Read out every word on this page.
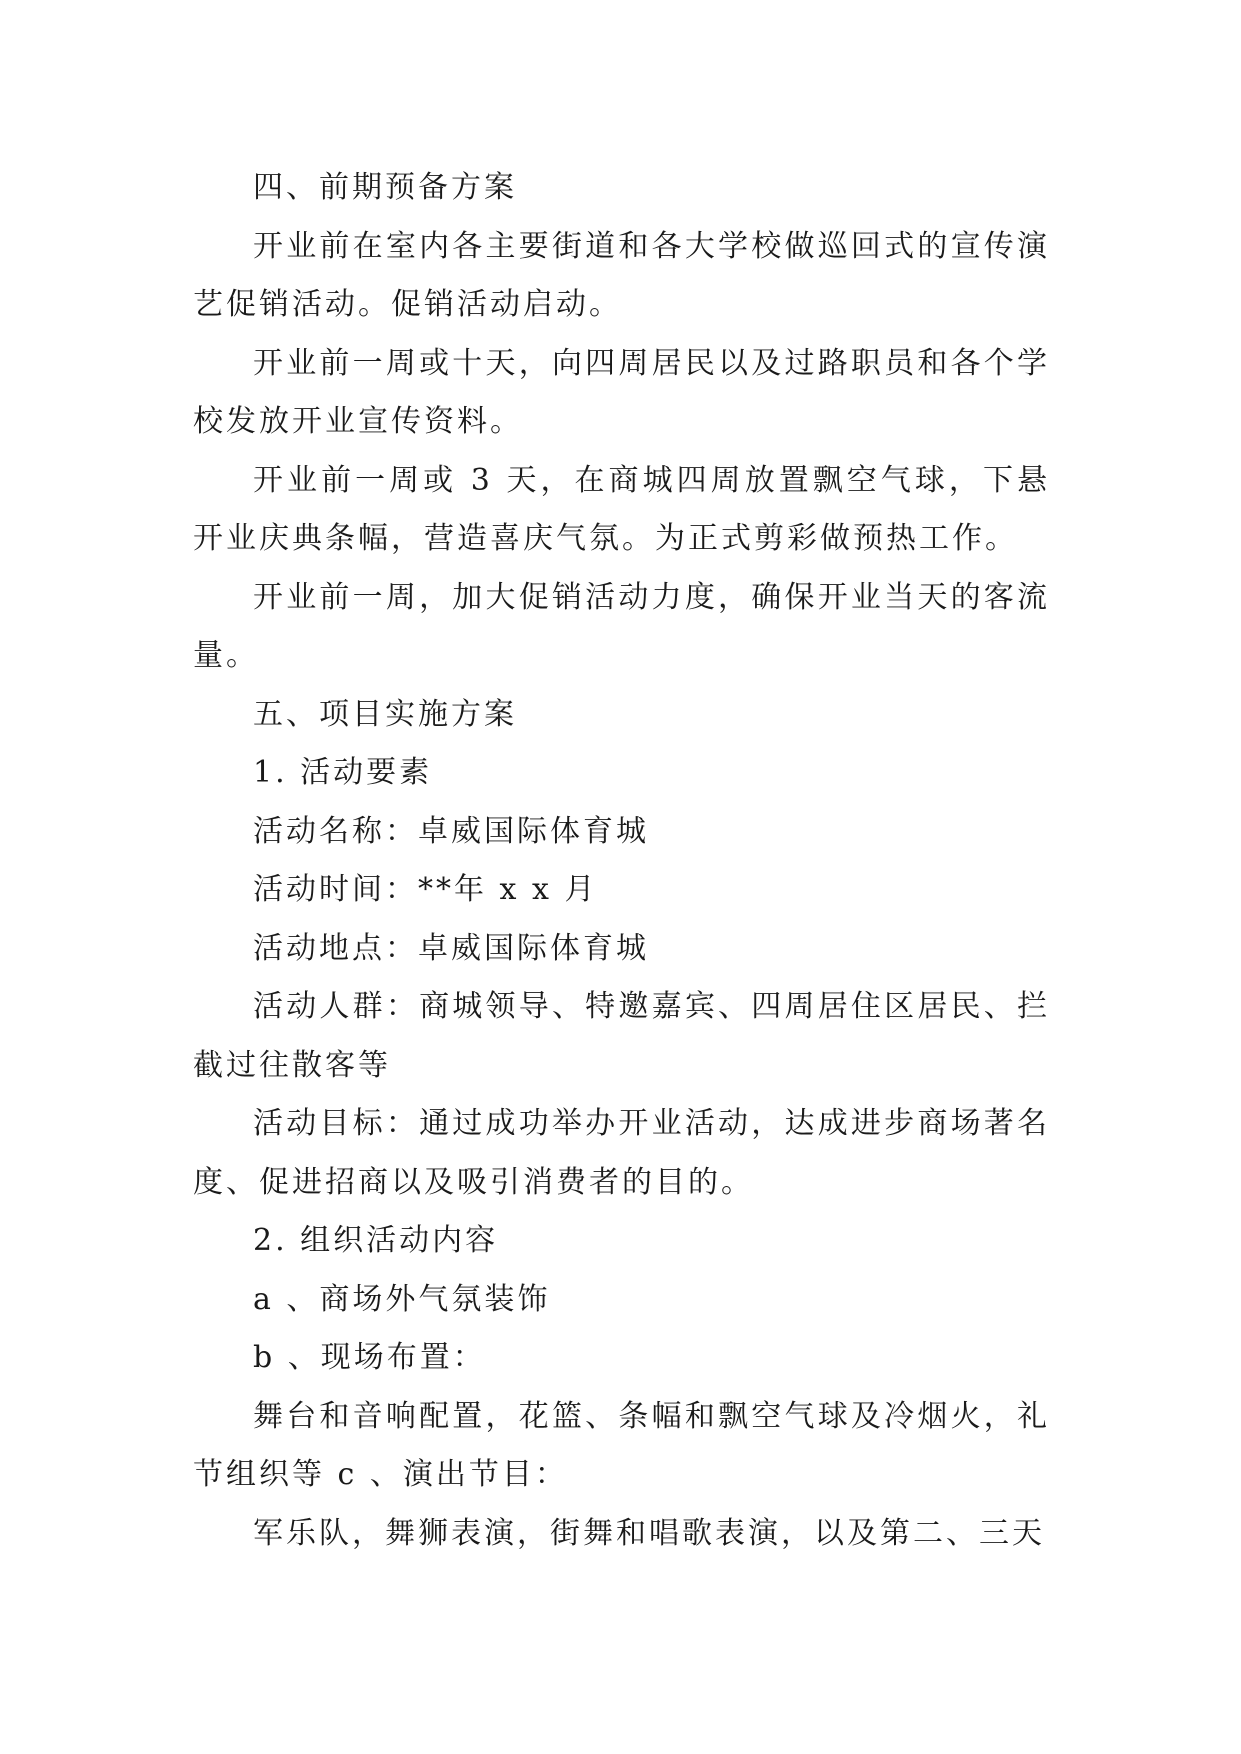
四、前期预备方案

开业前在室内各主要街道和各大学校做巡回式的宣传演艺促销活动。促销活动启动。

开业前一周或十天，向四周居民以及过路职员和各个学校发放开业宣传资料。

开业前一周或 3 天，在商城四周放置飘空气球，下悬开业庆典条幅，营造喜庆气氛。为正式剪彩做预热工作。

开业前一周，加大促销活动力度，确保开业当天的客流量。

五、项目实施方案

1. 活动要素

活动名称：卓威国际体育城

活动时间：**年 x x 月

活动地点：卓威国际体育城

活动人群：商城领导、特邀嘉宾、四周居住区居民、拦截过往散客等

活动目标：通过成功举办开业活动，达成进步商场著名度、促进招商以及吸引消费者的目的。

2. 组织活动内容

a 、商场外气氛装饰

b 、现场布置：

舞台和音响配置，花篮、条幅和飘空气球及冷烟火，礼节组织等 c 、演出节目：

军乐队，舞狮表演，街舞和唱歌表演，以及第二、三天
